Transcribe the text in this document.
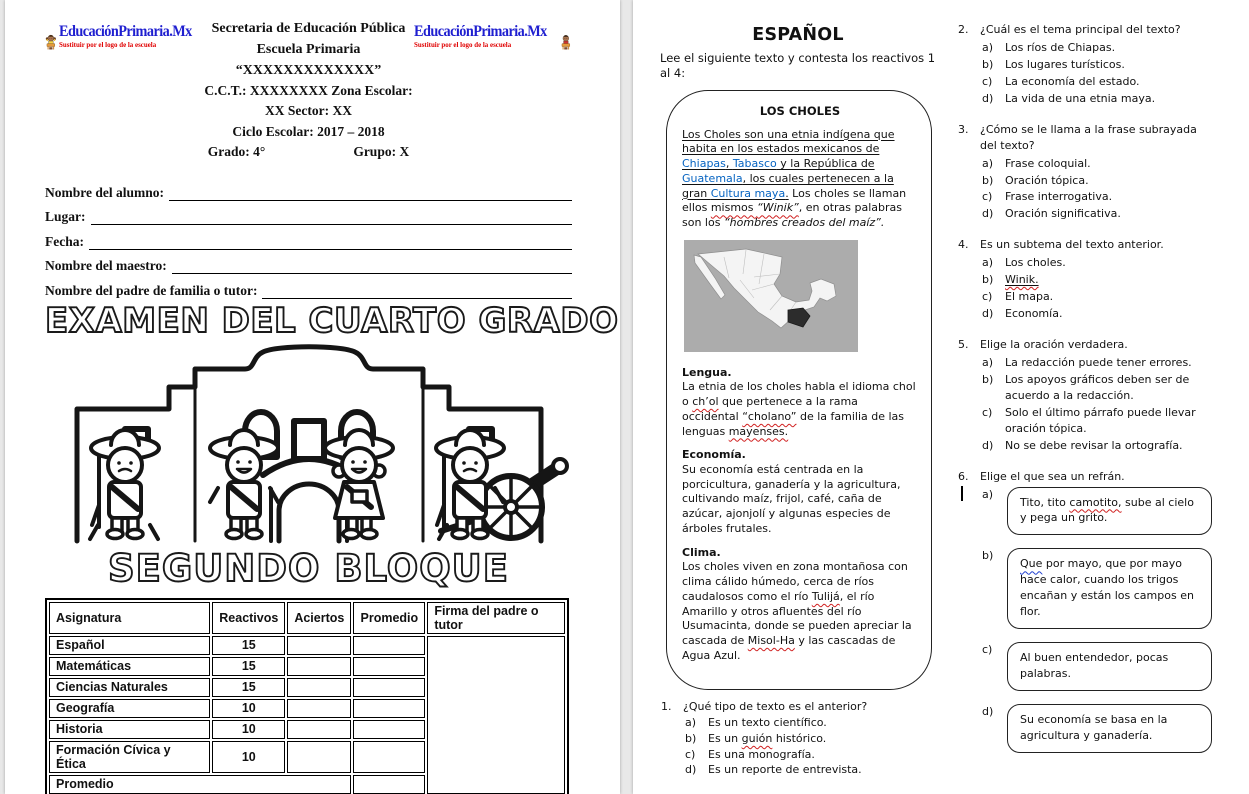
EducaciónPrimaria.Mx
Sustituir por el logo de la escuela
Secretaria de Educación Pública
Escuela Primaria “XXXXXXXXXXXXX”
C.C.T.: XXXXXXXX Zona Escolar: XX Sector: XX
Ciclo Escolar: 2017 – 2018
Grado: 4°	Grupo: X
EducaciónPrimaria.Mx
Sustituir por el logo de la escuela
Nombre del alumno:
Lugar:
Fecha:
Nombre del maestro:
Nombre del padre de familia o tutor:
EXAMEN DEL CUARTO GRADO
SEGUNDO BLOQUE
Asignatura	Reactivos	Aciertos	Promedio	Firma del padre o tutor
Español	15			
Matemáticas	15			
Ciencias Naturales	15			
Geografía	10			
Historia	10			
Formación Cívica y Ética	10			
Promedio				
ESPAÑOL
Lee el siguiente texto y contesta los reactivos 1 al 4:
LOS CHOLES
Los Choles son una etnia indígena que habita en los estados mexicanos de Chiapas, Tabasco y la República de Guatemala, los cuales pertenecen a la gran Cultura maya. Los choles se llaman ellos mismos “Winik”, en otras palabras son los “hombres creados del maíz”.
Lengua.
La etnia de los choles habla el idioma chol o ch’ol que pertenece a la rama occidental “cholano” de la familia de las lenguas mayenses.
Economía.
Su economía está centrada en la porcicultura, ganadería y la agricultura, cultivando maíz, frijol, café, caña de azúcar, ajonjolí y algunas especies de árboles frutales.
Clima.
Los choles viven en zona montañosa con clima cálido húmedo, cerca de ríos caudalosos como el río Tulijá, el río Amarillo y otros afluentes del río Usumacinta, donde se pueden apreciar la cascada de Misol-Ha y las cascadas de Agua Azul.
1.	¿Qué tipo de texto es el anterior?
a)	Es un texto científico.
b)	Es un guión histórico.
c)	Es una monografía.
d)	Es un reporte de entrevista.
2.	¿Cuál es el tema principal del texto?
a)	Los ríos de Chiapas.
b)	Los lugares turísticos.
c)	La economía del estado.
d)	La vida de una etnia maya.
3.	¿Cómo se le llama a la frase subrayada del texto?
a)	Frase coloquial.
b)	Oración tópica.
c)	Frase interrogativa.
d)	Oración significativa.
4.	Es un subtema del texto anterior.
a)	Los choles.
b)	Winik.
c)	El mapa.
d)	Economía.
5.	Elige la oración verdadera.
a)	La redacción puede tener errores.
b)	Los apoyos gráficos deben ser de acuerdo a la redacción.
c)	Solo el último párrafo puede llevar oración tópica.
d)	No se debe revisar la ortografía.
6.	Elige el que sea un refrán.
a)
Tito, tito camotito, sube al cielo y pega un grito.
b)
Que por mayo, que por mayo hace calor, cuando los trigos encañan y están los campos en flor.
c)
Al buen entendedor, pocas palabras.
d)
Su economía se basa en la agricultura y ganadería.
